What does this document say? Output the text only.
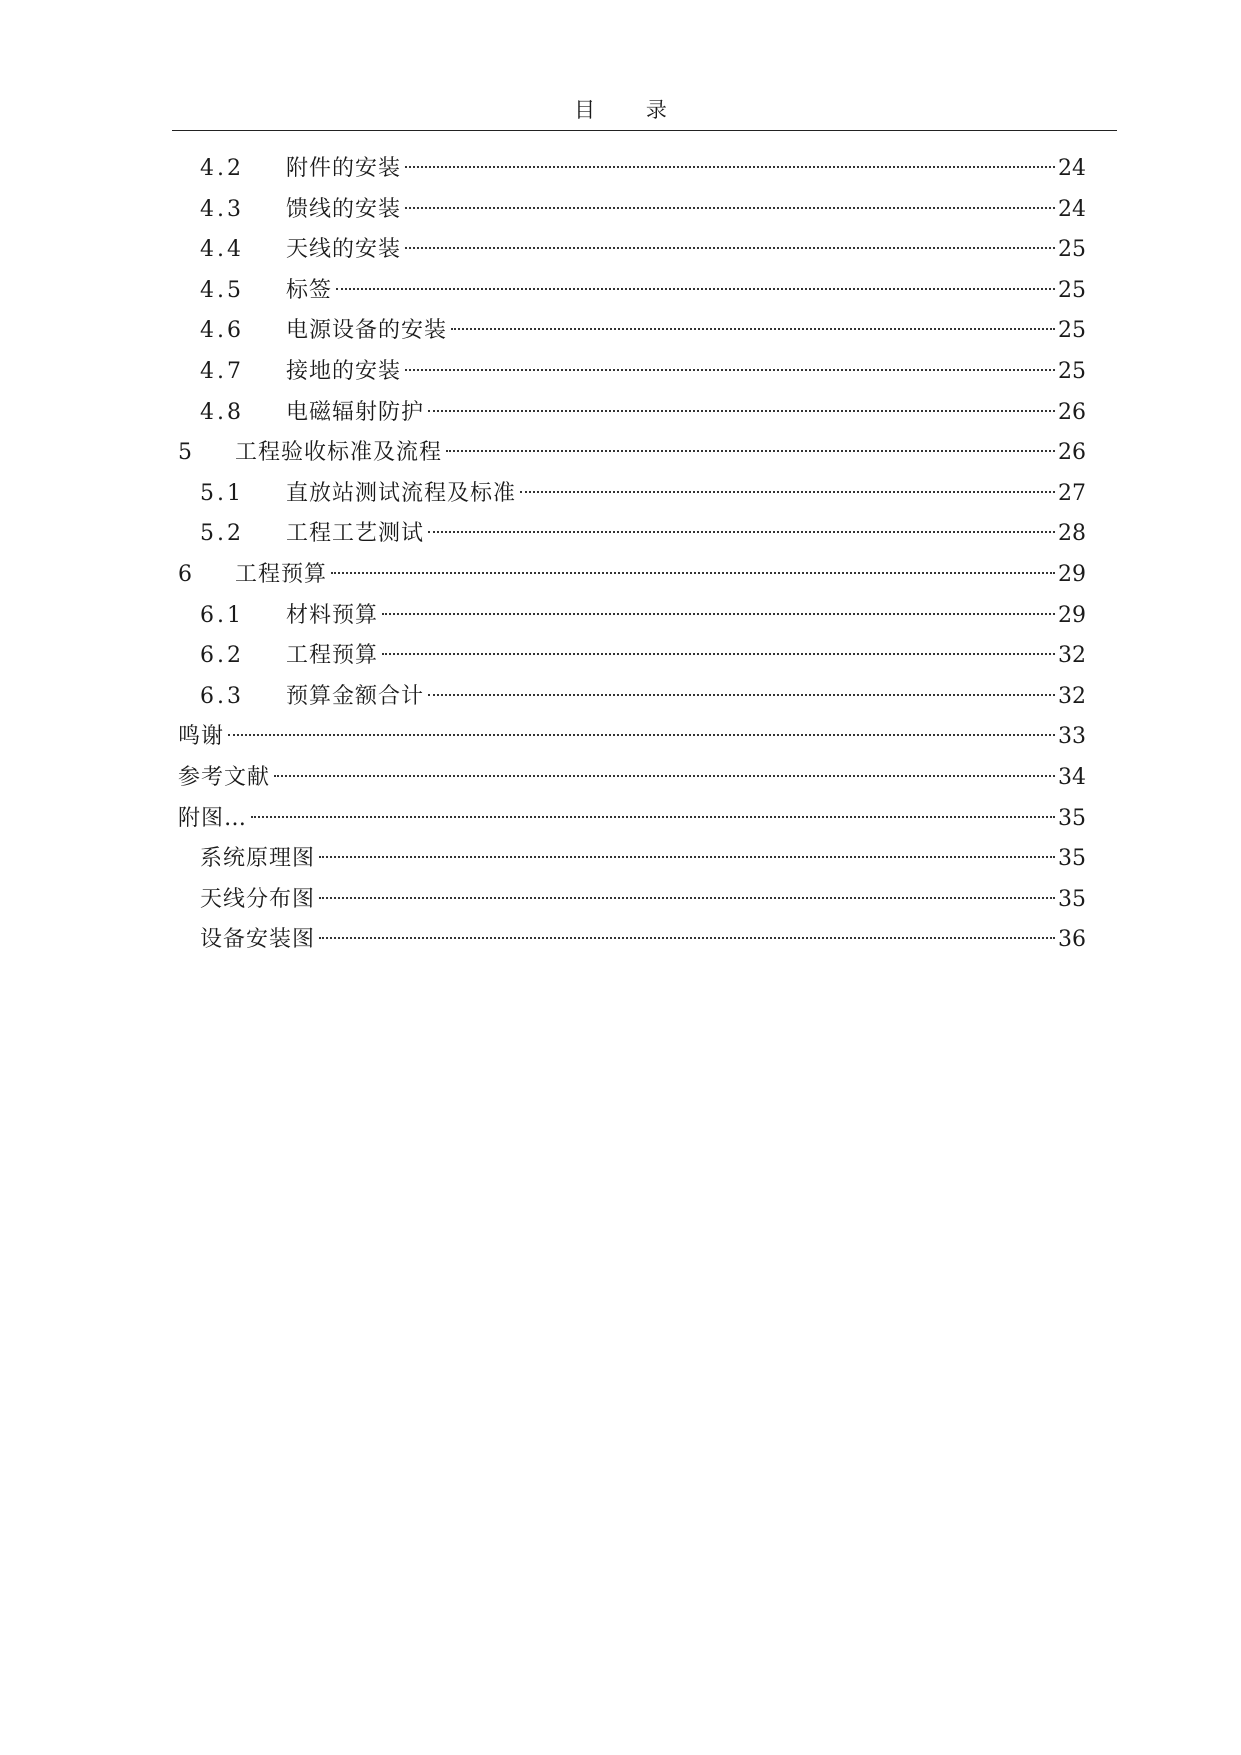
目 录
4.2	附件的安装	24
4.3	馈线的安装	24
4.4	天线的安装	25
4.5	标签	25
4.6	电源设备的安装	25
4.7	接地的安装	25
4.8	电磁辐射防护	26
5	工程验收标准及流程	26
5.1	直放站测试流程及标准	27
5.2	工程工艺测试	28
6	工程预算	29
6.1	材料预算	29
6.2	工程预算	32
6.3	预算金额合计	32
鸣谢	33
参考文献	34
附图…	35
系统原理图	35
天线分布图	35
设备安装图	36
